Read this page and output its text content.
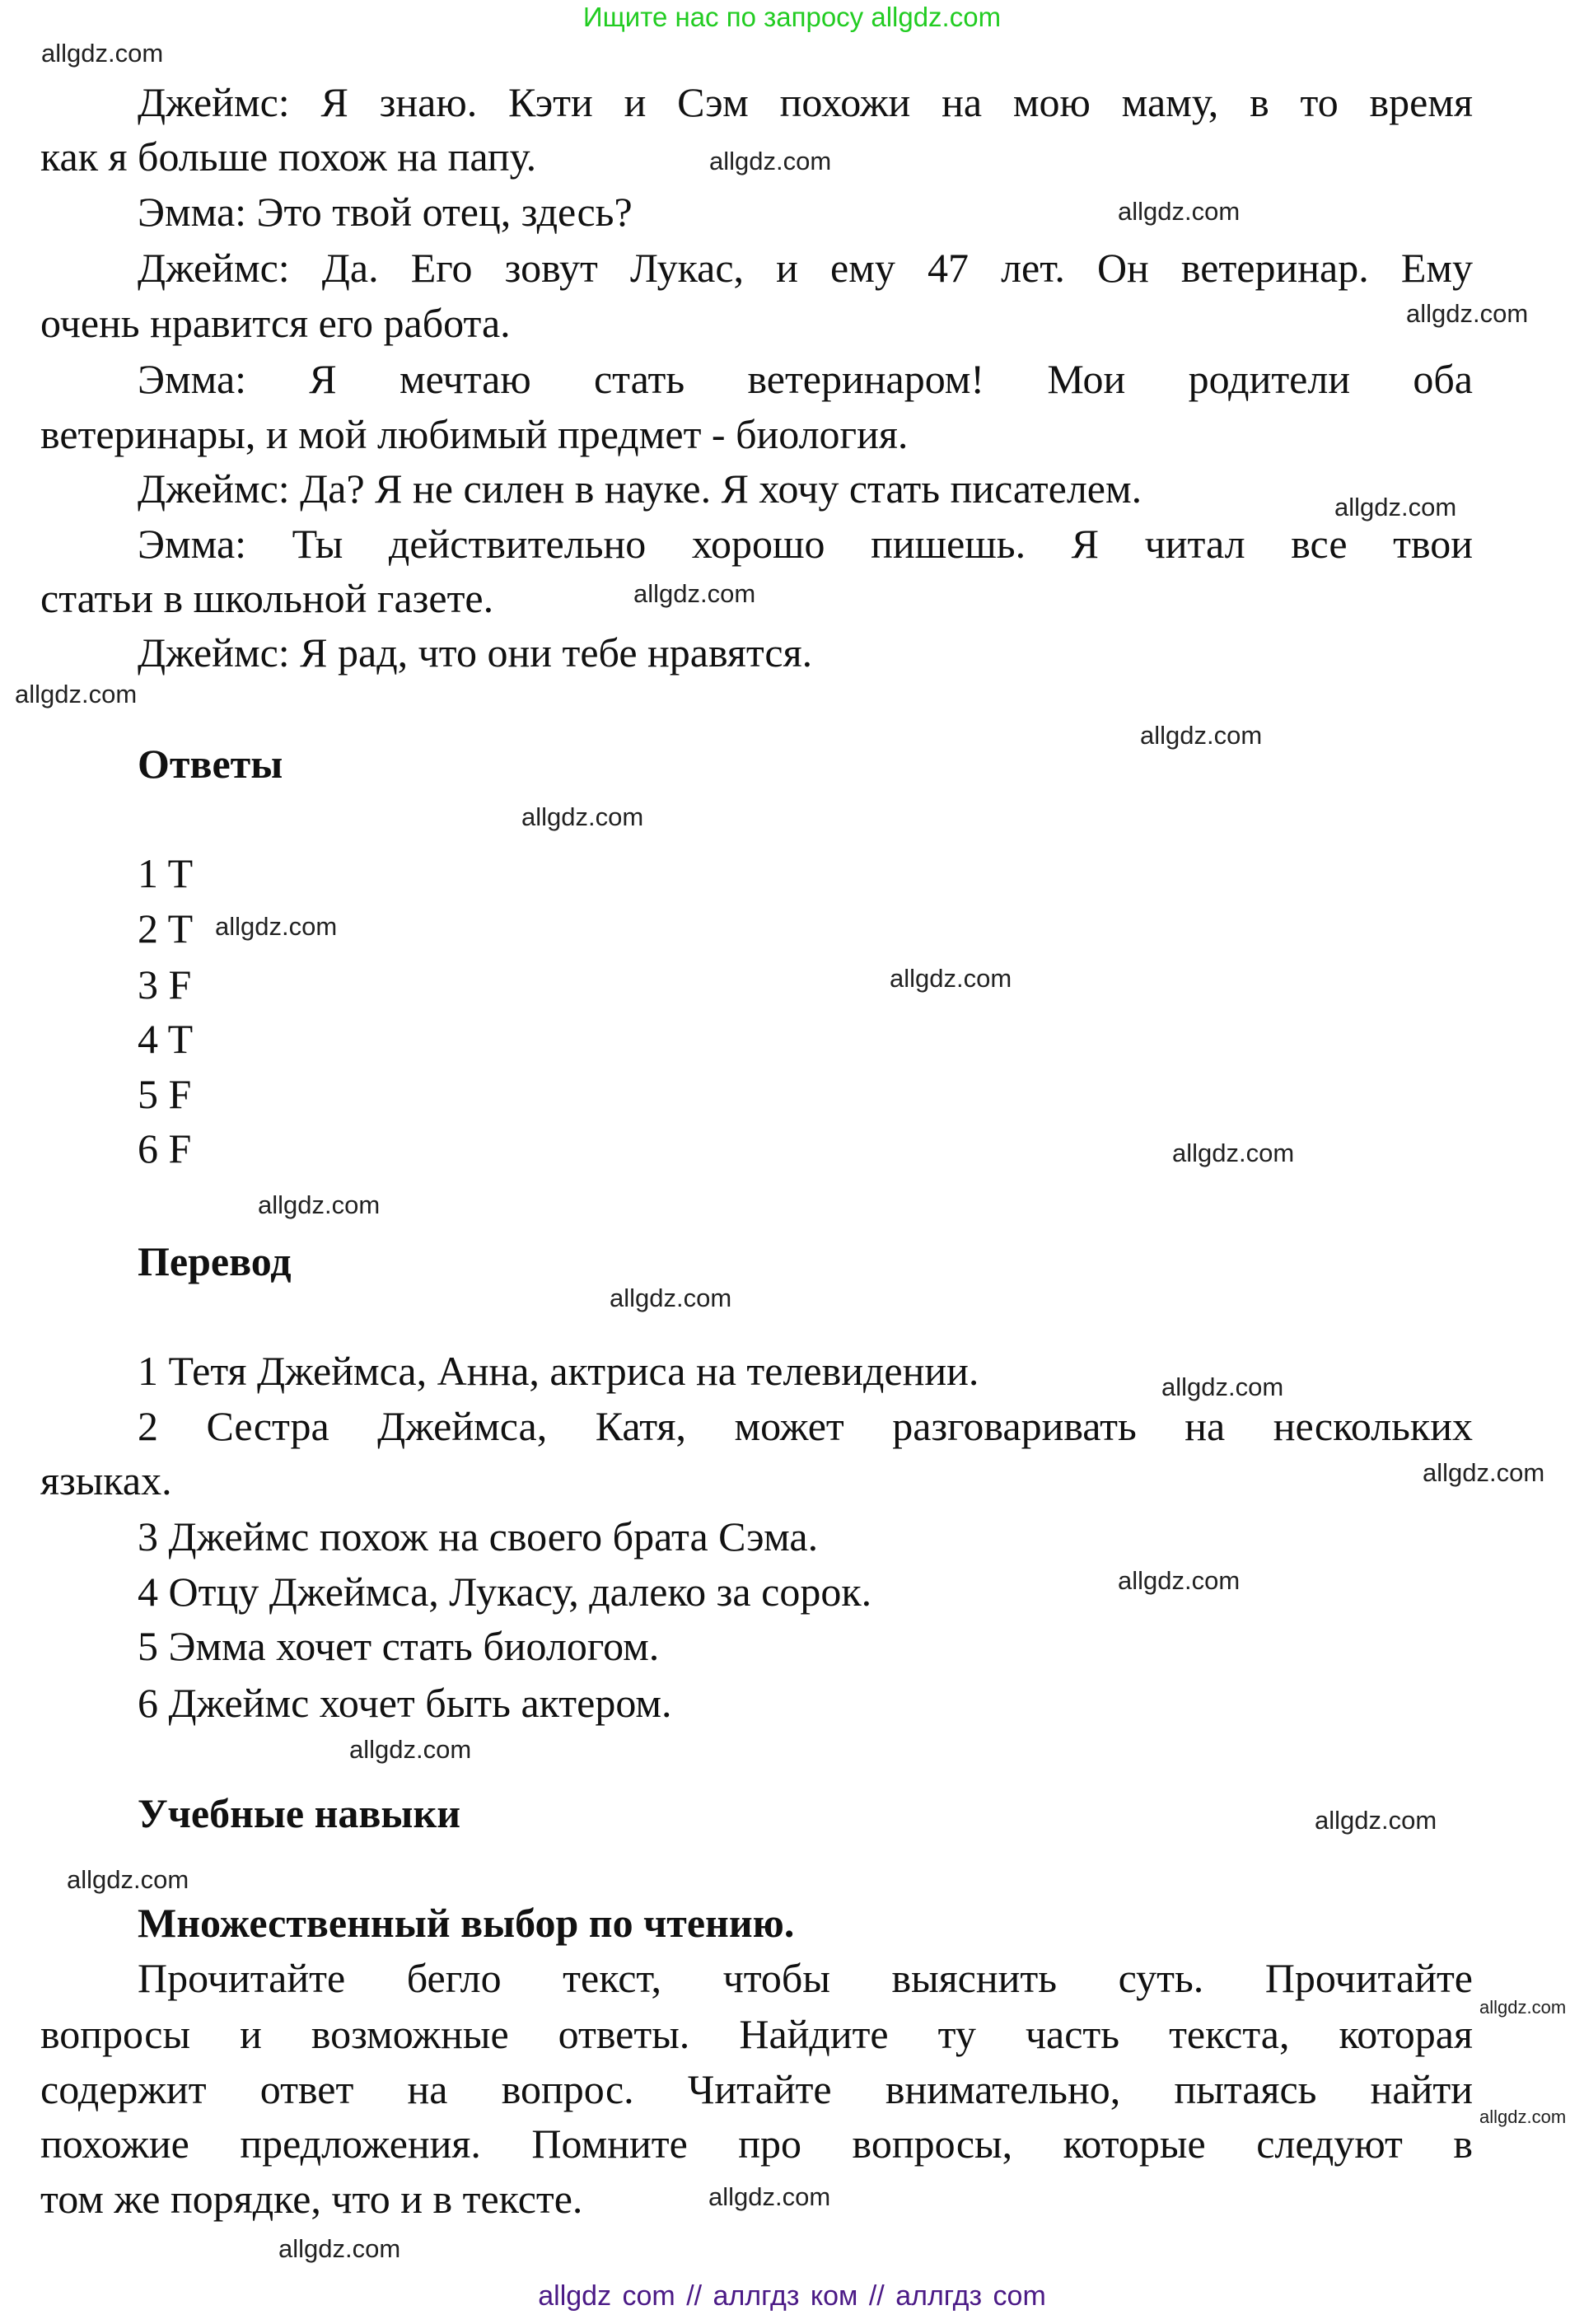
Ищите нас по запросу allgdz.com
Джеймс: Я знаю. Кэти и Сэм похожи на мою маму, в то время
как я больше похож на папу.
Эмма: Это твой отец, здесь?
Джеймс: Да. Его зовут Лукас, и ему 47 лет. Он ветеринар. Ему
очень нравится его работа.
Эмма: Я мечтаю стать ветеринаром! Мои родители оба
ветеринары, и мой любимый предмет - биология.
Джеймс: Да? Я не силен в науке. Я хочу стать писателем.
Эмма: Ты действительно хорошо пишешь. Я читал все твои
статьи в школьной газете.
Джеймс: Я рад, что они тебе нравятся.
Ответы
1 T
2 T
3 F
4 T
5 F
6 F
Перевод
1 Тетя Джеймса, Анна, актриса на телевидении.
2 Сестра Джеймса, Катя, может разговаривать на нескольких
языках.
3 Джеймс похож на своего брата Сэма.
4 Отцу Джеймса, Лукасу, далеко за сорок.
5 Эмма хочет стать биологом.
6 Джеймс хочет быть актером.
Учебные навыки
Множественный выбор по чтению.
Прочитайте бегло текст, чтобы выяснить суть. Прочитайте
вопросы и возможные ответы. Найдите ту часть текста, которая
содержит ответ на вопрос. Читайте внимательно, пытаясь найти
похожие предложения. Помните про вопросы, которые следуют в
том же порядке, что и в тексте.
allgdz.com
allgdz.com
allgdz.com
allgdz.com
allgdz.com
allgdz.com
allgdz.com
allgdz.com
allgdz.com
allgdz.com
allgdz.com
allgdz.com
allgdz.com
allgdz.com
allgdz.com
allgdz.com
allgdz.com
allgdz.com
allgdz.com
allgdz.com
allgdz.com
allgdz.com
allgdz.com
allgdz.com
allgdz com // аллгдз ком // аллгдз com
